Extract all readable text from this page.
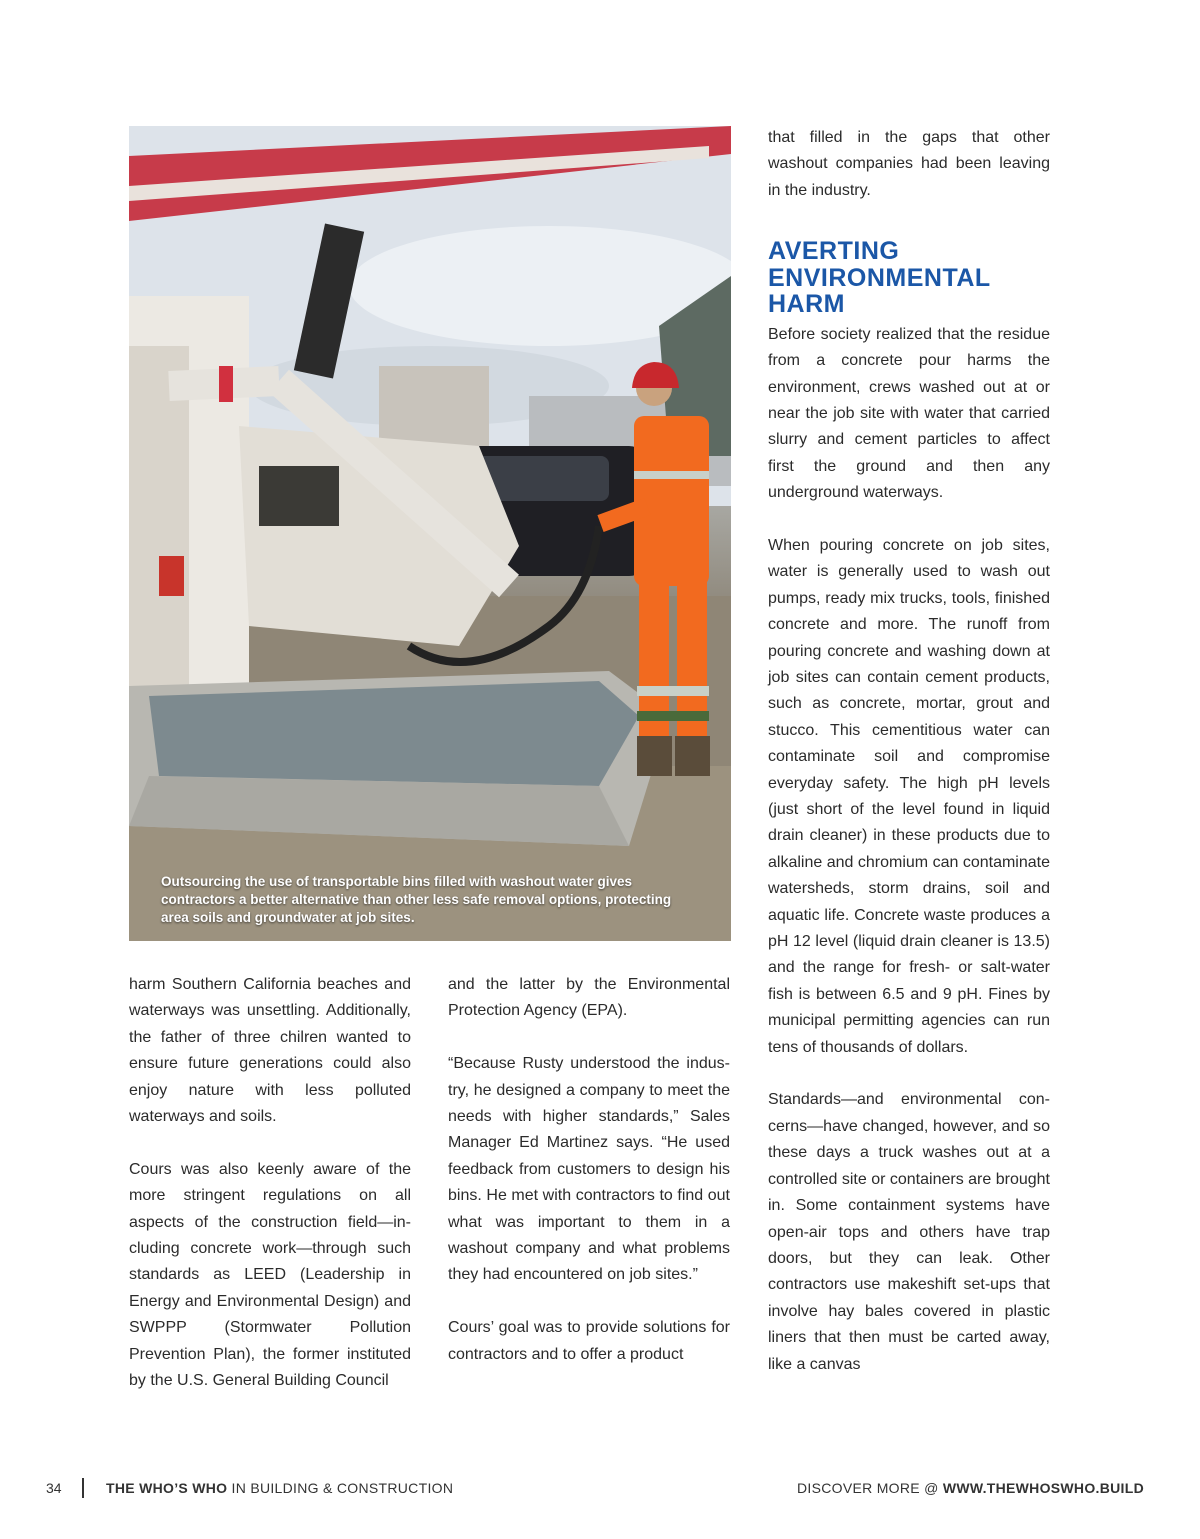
Outsourcing the use of transportable bins filled with washout water gives contractors a better alternative than other less safe removal options, protecting area soils and groundwater at job sites.

harm Southern California beaches and waterways was unsettling. Additionally, the father of three chilren wanted to ensure future generations could also enjoy nature with less polluted waterways and soils.

Cours was also keenly aware of the more stringent regulations on all aspects of the construction field—including concrete work—through such standards as LEED (Leadership in Energy and Environmental Design) and SWPPP (Stormwater Pollution Prevention Plan), the former instituted by the U.S. General Building Council

and the latter by the Environmental Protection Agency (EPA).

“Because Rusty understood the industry, he designed a company to meet the needs with higher standards,” Sales Manager Ed Martinez says. “He used feedback from customers to design his bins. He met with contractors to find out what was important to them in a washout company and what problems they had encountered on job sites.”

Cours’ goal was to provide solutions for contractors and to offer a product

that filled in the gaps that other washout companies had been leaving in the industry.

AVERTING ENVIRONMENTAL HARM

Before society realized that the residue from a concrete pour harms the environment, crews washed out at or near the job site with water that carried slurry and cement particles to affect first the ground and then any underground waterways.

When pouring concrete on job sites, water is generally used to wash out pumps, ready mix trucks, tools, finished concrete and more. The runoff from pouring concrete and washing down at job sites can contain cement products, such as concrete, mortar, grout and stucco. This cementitious water can contaminate soil and compromise everyday safety. The high pH levels (just short of the level found in liquid drain cleaner) in these products due to alkaline and chromium can contaminate watersheds, storm drains, soil and aquatic life. Concrete waste produces a pH 12 level (liquid drain cleaner is 13.5) and the range for fresh- or salt-water fish is between 6.5 and 9 pH. Fines by municipal permitting agencies can run tens of thousands of dollars.

Standards—and environmental concerns—have changed, however, and so these days a truck washes out at a controlled site or containers are brought in. Some containment systems have open-air tops and others have trap doors, but they can leak. Other contractors use makeshift set-ups that involve hay bales covered in plastic liners that then must be carted away, like a canvas

34	THE WHO’S WHO IN BUILDING & CONSTRUCTION	DISCOVER MORE @ WWW.THEWHOSWHO.BUILD
